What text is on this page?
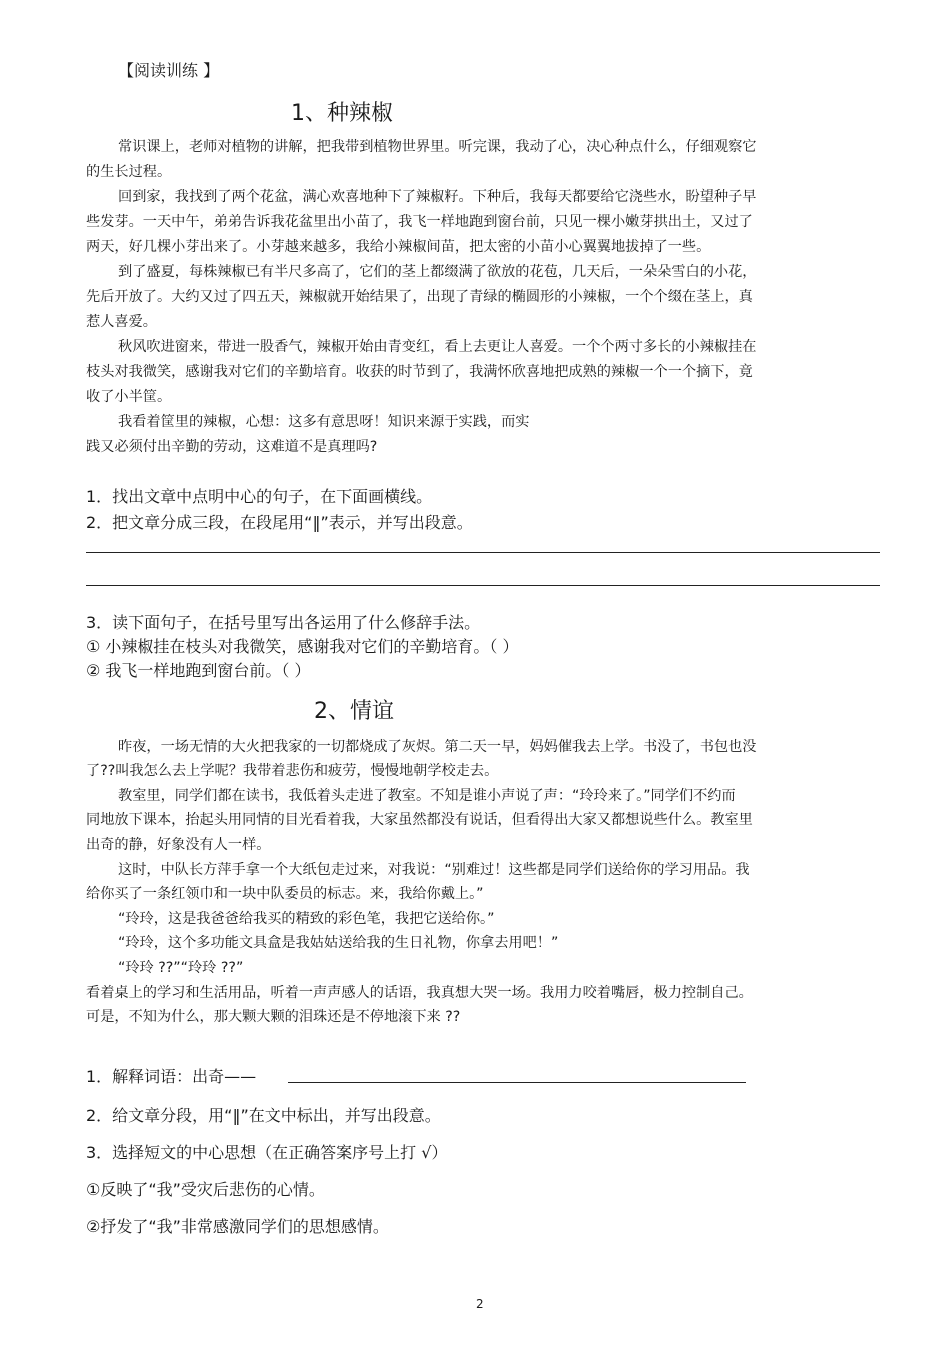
【阅读训练 】
1、种辣椒
常识课上，老师对植物的讲解，把我带到植物世界里。听完课，我动了心，决心种点什么，仔细观察它
的生长过程。
回到家，我找到了两个花盆，满心欢喜地种下了辣椒籽。下种后，我每天都要给它浇些水，盼望种子早
些发芽。一天中午，弟弟告诉我花盆里出小苗了，我飞一样地跑到窗台前，只见一棵小嫩芽拱出土，又过了
两天，好几棵小芽出来了。小芽越来越多，我给小辣椒间苗，把太密的小苗小心翼翼地拔掉了一些。
到了盛夏，每株辣椒已有半尺多高了，它们的茎上都缀满了欲放的花苞，几天后，一朵朵雪白的小花，
先后开放了。大约又过了四五天，辣椒就开始结果了，出现了青绿的椭圆形的小辣椒，一个个缀在茎上，真
惹人喜爱。
秋风吹进窗来，带进一股香气，辣椒开始由青变红，看上去更让人喜爱。一个个两寸多长的小辣椒挂在
枝头对我微笑，感谢我对它们的辛勤培育。收获的时节到了，我满怀欣喜地把成熟的辣椒一个一个摘下，竟
收了小半筐。
我看着筐里的辣椒，心想：这多有意思呀！知识来源于实践，而实
践又必须付出辛勤的劳动，这难道不是真理吗?
1．找出文章中点明中心的句子，在下面画横线。
2．把文章分成三段，在段尾用“‖”表示，并写出段意。
3．读下面句子，在括号里写出各运用了什么修辞手法。
① 小辣椒挂在枝头对我微笑，感谢我对它们的辛勤培育。（ ）
② 我飞一样地跑到窗台前。（ ）
2、情谊
昨夜，一场无情的大火把我家的一切都烧成了灰烬。第二天一早，妈妈催我去上学。书没了，书包也没
了??叫我怎么去上学呢？我带着悲伤和疲劳，慢慢地朝学校走去。
教室里，同学们都在读书，我低着头走进了教室。不知是谁小声说了声：“玲玲来了。”同学们不约而
同地放下课本，抬起头用同情的目光看着我，大家虽然都没有说话，但看得出大家又都想说些什么。教室里
出奇的静，好象没有人一样。
这时，中队长方萍手拿一个大纸包走过来，对我说：“别难过！这些都是同学们送给你的学习用品。我
给你买了一条红领巾和一块中队委员的标志。来，我给你戴上。”
“玲玲，这是我爸爸给我买的精致的彩色笔，我把它送给你。”
“玲玲，这个多功能文具盒是我姑姑送给我的生日礼物，你拿去用吧！”
“玲玲 ??”“玲玲 ??”
看着桌上的学习和生活用品，听着一声声感人的话语，我真想大哭一场。我用力咬着嘴唇，极力控制自己。
可是，不知为什么，那大颗大颗的泪珠还是不停地滚下来 ??
1．解释词语：出奇——
2．给文章分段，用“‖”在文中标出，并写出段意。
3．选择短文的中心思想（在正确答案序号上打 √）
①反映了“我”受灾后悲伤的心情。
②抒发了“我”非常感激同学们的思想感情。
2
